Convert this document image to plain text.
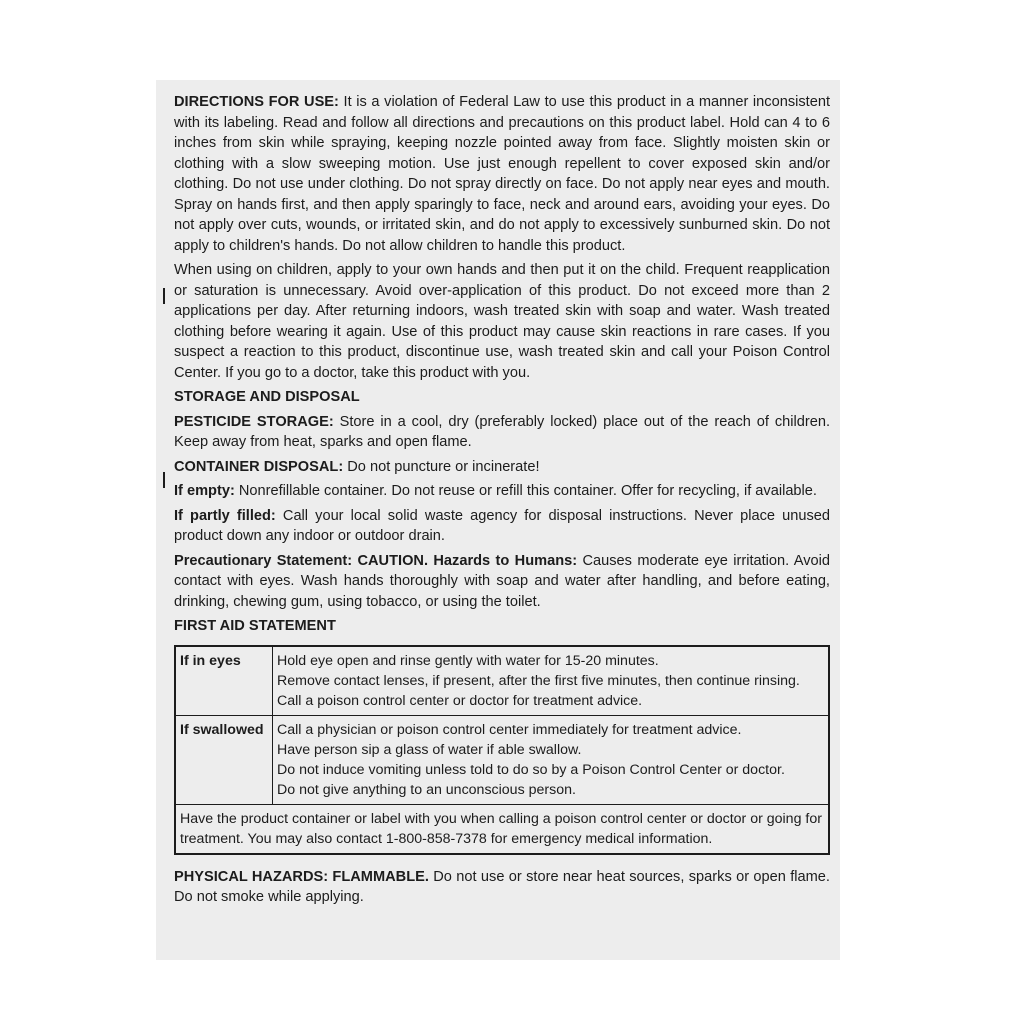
DIRECTIONS FOR USE: It is a violation of Federal Law to use this product in a manner inconsistent with its labeling. Read and follow all directions and precautions on this product label. Hold can 4 to 6 inches from skin while spraying, keeping nozzle pointed away from face. Slightly moisten skin or clothing with a slow sweeping motion. Use just enough repellent to cover exposed skin and/or clothing. Do not use under clothing. Do not spray directly on face. Do not apply near eyes and mouth. Spray on hands first, and then apply sparingly to face, neck and around ears, avoiding your eyes. Do not apply over cuts, wounds, or irritated skin, and do not apply to excessively sunburned skin. Do not apply to children's hands. Do not allow children to handle this product.

When using on children, apply to your own hands and then put it on the child. Frequent reapplication or saturation is unnecessary. Avoid over-application of this product. Do not exceed more than 2 applications per day. After returning indoors, wash treated skin with soap and water. Wash treated clothing before wearing it again. Use of this product may cause skin reactions in rare cases. If you suspect a reaction to this product, discontinue use, wash treated skin and call your Poison Control Center. If you go to a doctor, take this product with you.

STORAGE AND DISPOSAL

PESTICIDE STORAGE: Store in a cool, dry (preferably locked) place out of the reach of children. Keep away from heat, sparks and open flame.

CONTAINER DISPOSAL: Do not puncture or incinerate!

If empty: Nonrefillable container. Do not reuse or refill this container. Offer for recycling, if available.

If partly filled: Call your local solid waste agency for disposal instructions. Never place unused product down any indoor or outdoor drain.

Precautionary Statement: CAUTION. Hazards to Humans: Causes moderate eye irritation. Avoid contact with eyes. Wash hands thoroughly with soap and water after handling, and before eating, drinking, chewing gum, using tobacco, or using the toilet.

FIRST AID STATEMENT

If in eyes	Hold eye open and rinse gently with water for 15-20 minutes.
Remove contact lenses, if present, after the first five minutes, then continue rinsing.
Call a poison control center or doctor for treatment advice.

If swallowed	Call a physician or poison control center immediately for treatment advice.
Have person sip a glass of water if able swallow.
Do not induce vomiting unless told to do so by a Poison Control Center or doctor.
Do not give anything to an unconscious person.

Have the product container or label with you when calling a poison control center or doctor or going for treatment. You may also contact 1-800-858-7378 for emergency medical information.	

PHYSICAL HAZARDS: FLAMMABLE. Do not use or store near heat sources, sparks or open flame. Do not smoke while applying.
